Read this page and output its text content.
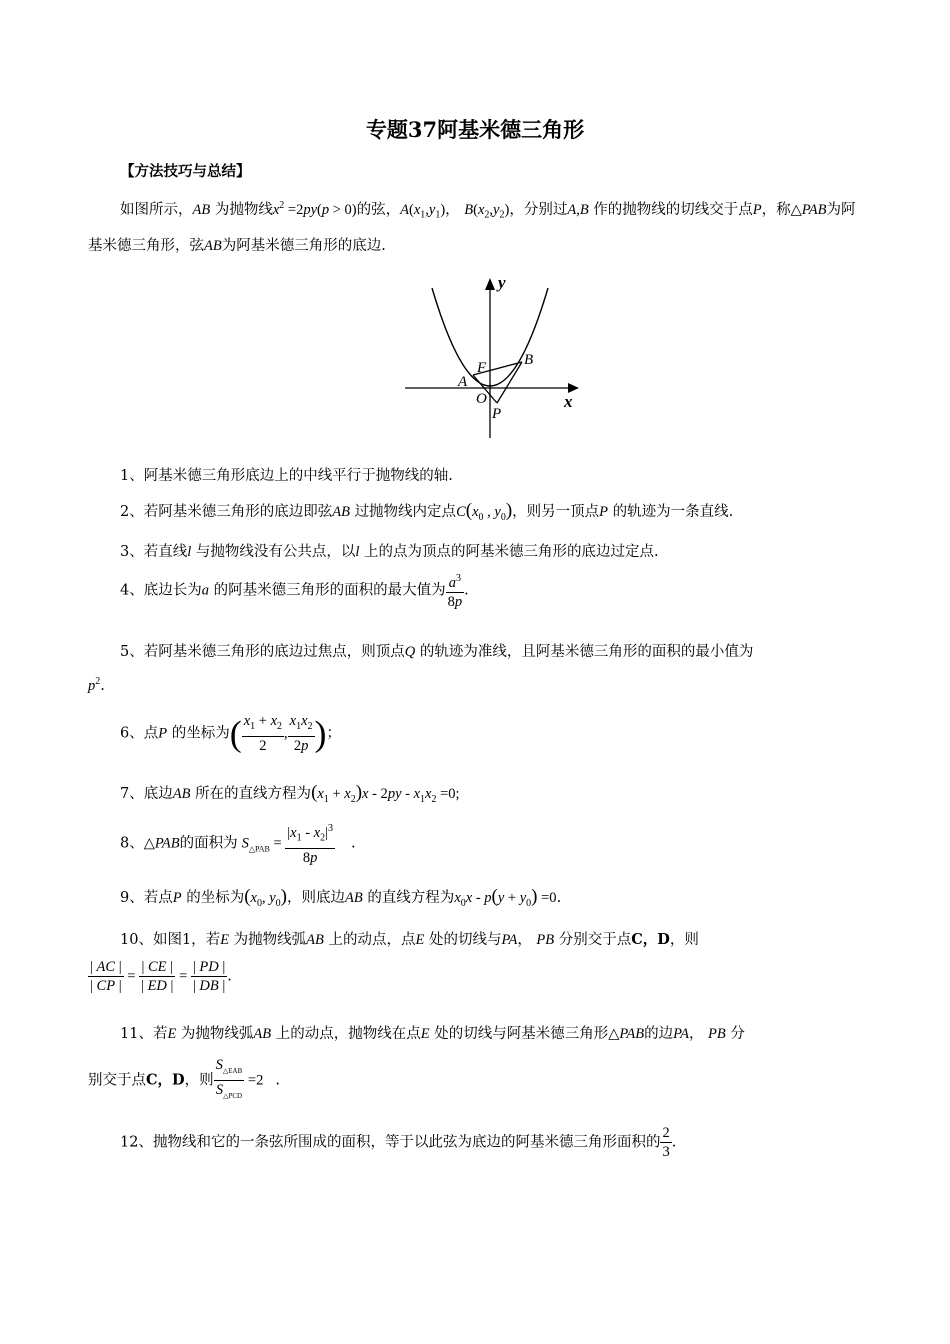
专题37阿基米德三角形
【方法技巧与总结】
如图所示，AB 为抛物线$x^2 =2py(p > 0)$的弦，$A(x_1,y_1)$， $B(x_2,y_2)$，分别过A,B 作的抛物线的切线交于点P，称△PAB为阿基米德三角形，弦AB为阿基米德三角形的底边.
y
x
A
B
F
O
P
1、阿基米德三角形底边上的中线平行于抛物线的轴.
2、若阿基米德三角形的底边即弦AB 过抛物线内定点$C(x_0$ , $y_0$)，则另一顶点P 的轨迹为一条直线.
3、若直线l 与抛物线没有公共点，以l 上的点为顶点的阿基米德三角形的底边过定点.
4、底边长为a 的阿基米德三角形的面积的最大值为 $\frac{a^3}{8p}$ .
5、若阿基米德三角形的底边过焦点，则顶点Q 的轨迹为准线，且阿基米德三角形的面积的最小值为
$p^2$.
6、点P 的坐标为( $\frac{x_1 + x_2}{2}$ , $\frac{x_1x_2}{2p}$ )；
7、底边AB 所在的直线方程为$(x_1 + x_2)x - 2py - x_1x_2 =0$;
8、△PAB的面积为 $S_{\triangle PAB} = \frac{|x_1 - x_2|^3}{8p}$ .
9、若点P 的坐标为($x_0$, $y_0$)，则底边AB 的直线方程为$x_0x - p(y + y_0) =0$.
10、如图1，若E 为抛物线弧AB 上的动点，点E 处的切线与PA， PB 分别交于点C，D，则
$\frac{| AC |}{| CP |} = \frac{| CE |}{| ED |} = \frac{| PD |}{| DB |}$ .
11、若E 为抛物线弧AB 上的动点，抛物线在点E 处的切线与阿基米德三角形△PAB的边PA， PB 分
别交于点C，D，则 $\frac{S_{\triangle EAB}}{S_{\triangle PCD}} =2$ .
12、抛物线和它的一条弦所围成的面积，等于以此弦为底边的阿基米德三角形面积的 $\frac{2}{3}$ .
